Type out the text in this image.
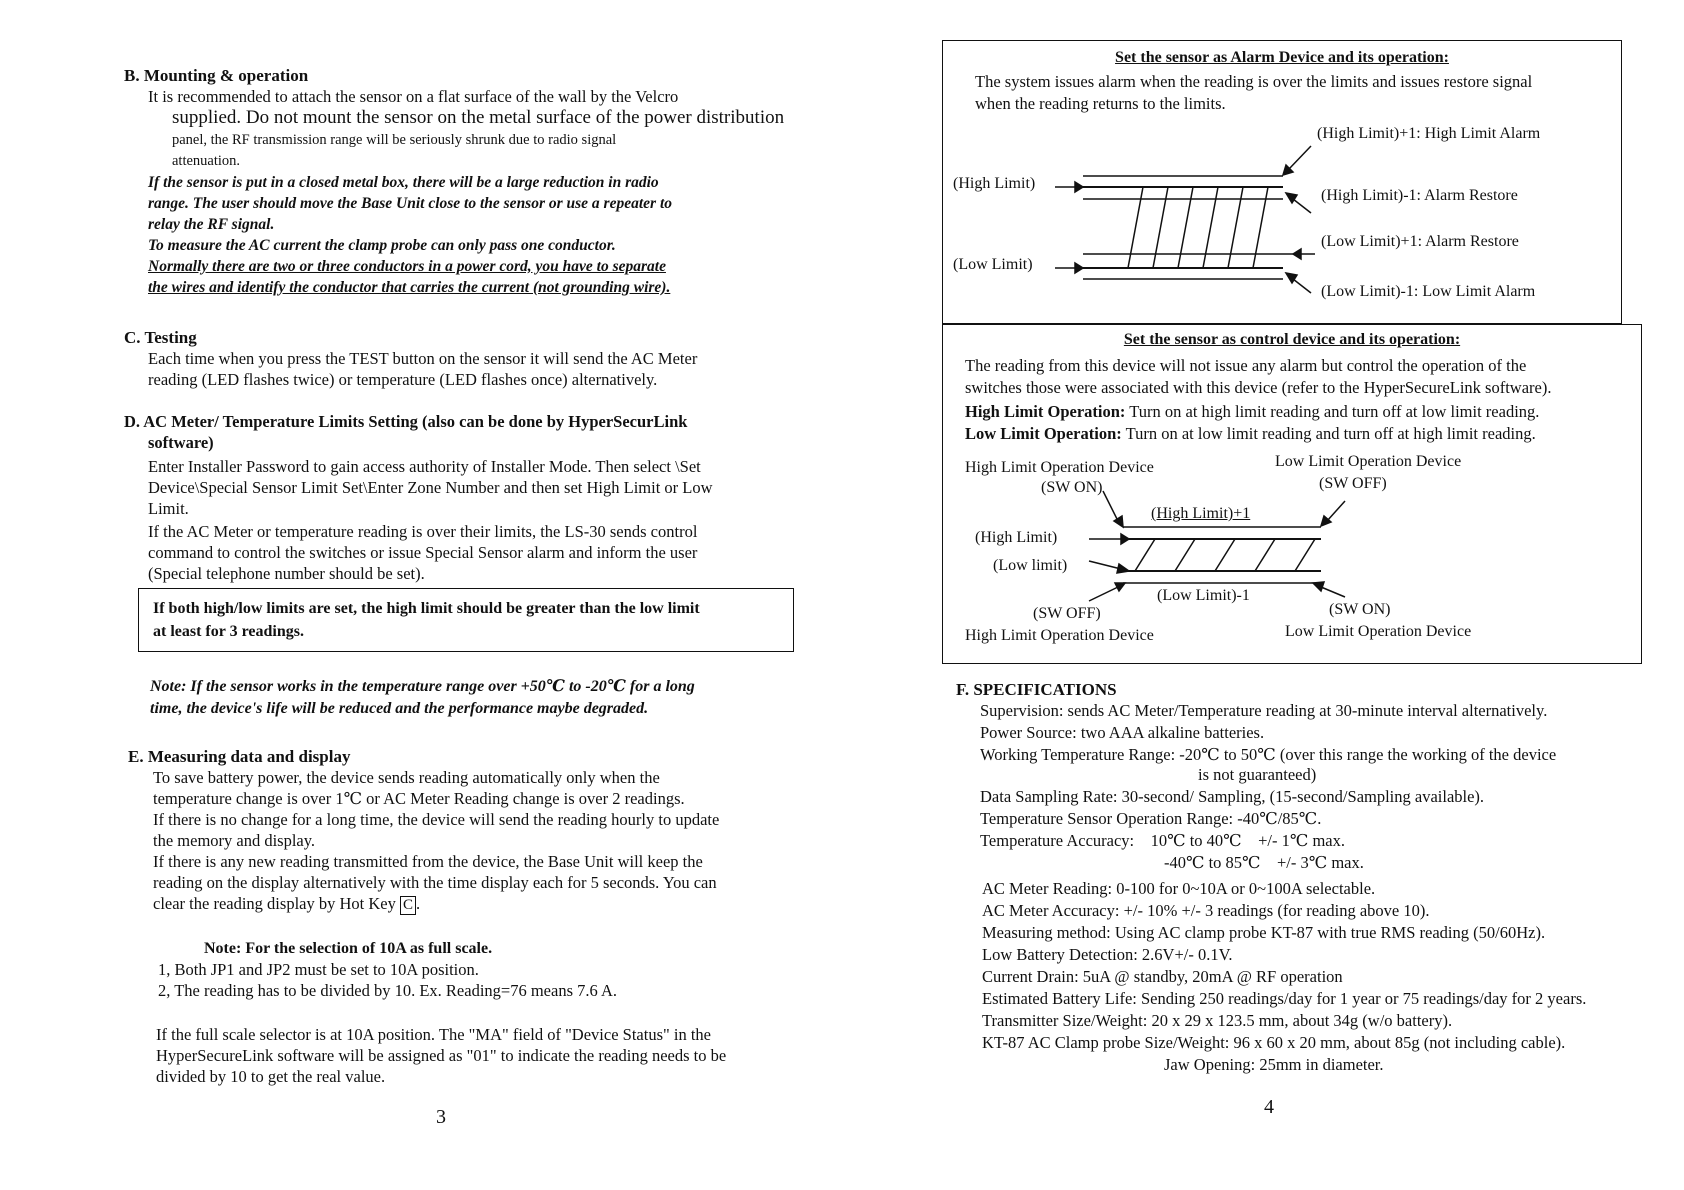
B. Mounting & operation
It is recommended to attach the sensor on a flat surface of the wall by the Velcro
supplied. Do not mount the sensor on the metal surface of the power distribution
panel, the RF transmission range will be seriously shrunk due to radio signal
attenuation.
If the sensor is put in a closed metal box, there will be a large reduction in radio
range. The user should move the Base Unit close to the sensor or use a repeater to
relay the RF signal.
To measure the AC current the clamp probe can only pass one conductor.
Normally there are two or three conductors in a power cord, you have to separate
the wires and identify the conductor that carries the current (not grounding wire).
C. Testing
Each time when you press the TEST button on the sensor it will send the AC Meter
reading (LED flashes twice) or temperature (LED flashes once) alternatively.
D. AC Meter/ Temperature Limits Setting (also can be done by HyperSecurLink
software)
Enter Installer Password to gain access authority of Installer Mode. Then select \Set
Device\Special Sensor Limit Set\Enter Zone Number and then set High Limit or Low
Limit.
If the AC Meter or temperature reading is over their limits, the LS-30 sends control
command to control the switches or issue Special Sensor alarm and inform the user
(Special telephone number should be set).
If both high/low limits are set, the high limit should be greater than the low limit
at least for 3 readings.
Note: If the sensor works in the temperature range over +50℃ to -20℃ for a long
time, the device's life will be reduced and the performance maybe degraded.
E. Measuring data and display
To save battery power, the device sends reading automatically only when the
temperature change is over 1℃ or AC Meter Reading change is over 2 readings.
If there is no change for a long time, the device will send the reading hourly to update
the memory and display.
If there is any new reading transmitted from the device, the Base Unit will keep the
reading on the display alternatively with the time display each for 5 seconds. You can
clear the reading display by Hot Key C .
Note: For the selection of 10A as full scale.
1, Both JP1 and JP2 must be set to 10A position.
2, The reading has to be divided by 10. Ex. Reading=76 means 7.6 A.
If the full scale selector is at 10A position. The "MA" field of "Device Status" in the
HyperSecureLink software will be assigned as "01" to indicate the reading needs to be
divided by 10 to get the real value.
3
Set the sensor as Alarm Device and its operation:
The system issues alarm when the reading is over the limits and issues restore signal
when the reading returns to the limits.
(High Limit)
(Low Limit)
(High Limit)+1: High Limit Alarm
(High Limit)-1: Alarm Restore
(Low Limit)+1: Alarm Restore
(Low Limit)-1: Low Limit Alarm
Set the sensor as control device and its operation:
The reading from this device will not issue any alarm but control the operation of the
switches those were associated with this device (refer to the HyperSecureLink software).
High Limit Operation: Turn on at high limit reading and turn off at low limit reading.
Low Limit Operation: Turn on at low limit reading and turn off at high limit reading.
High Limit Operation Device
(SW ON)
Low Limit Operation Device
(SW OFF)
(High Limit)+1
(High Limit)
(Low limit)
(Low Limit)-1
(SW OFF)	(SW ON)
High Limit Operation Device	Low Limit Operation Device
F. SPECIFICATIONS
Supervision: sends AC Meter/Temperature reading at 30-minute interval alternatively.
Power Source: two AAA alkaline batteries.
Working Temperature Range: -20℃ to 50℃ (over this range the working of the device
is not guaranteed)
Data Sampling Rate: 30-second/ Sampling, (15-second/Sampling available).
Temperature Sensor Operation Range: -40℃/85℃.
Temperature Accuracy:    10℃ to 40℃    +/- 1℃ max.
-40℃ to 85℃    +/- 3℃ max.
AC Meter Reading: 0-100 for 0~10A or 0~100A selectable.
AC Meter Accuracy: +/- 10% +/- 3 readings (for reading above 10).
Measuring method: Using AC clamp probe KT-87 with true RMS reading (50/60Hz).
Low Battery Detection: 2.6V+/- 0.1V.
Current Drain: 5uA @ standby, 20mA @ RF operation
Estimated Battery Life: Sending 250 readings/day for 1 year or 75 readings/day for 2 years.
Transmitter Size/Weight: 20 x 29 x 123.5 mm, about 34g (w/o battery).
KT-87 AC Clamp probe Size/Weight: 96 x 60 x 20 mm, about 85g (not including cable).
Jaw Opening: 25mm in diameter.
4
